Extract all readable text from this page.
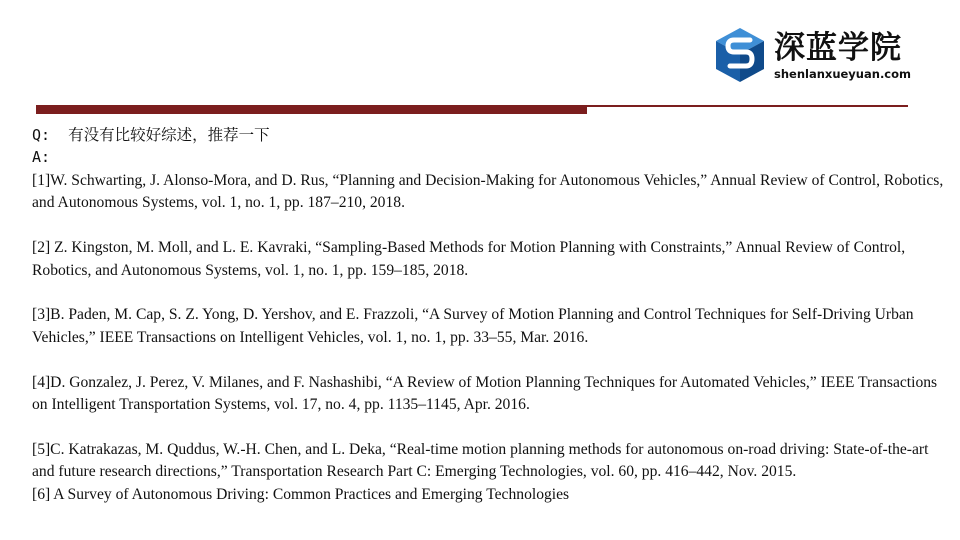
深蓝学院
shenlanxueyuan.com
Q: 有没有比较好综述，推荐一下
A:

[1]W. Schwarting, J. Alonso-Mora, and D. Rus, “Planning and Decision-Making for Autonomous Vehicles,” Annual Review of Control, Robotics, and Autonomous Systems, vol. 1, no. 1, pp. 187–210, 2018.

[2] Z. Kingston, M. Moll, and L. E. Kavraki, “Sampling-Based Methods for Motion Planning with Constraints,” Annual Review of Control, Robotics, and Autonomous Systems, vol. 1, no. 1, pp. 159–185, 2018.

[3]B. Paden, M. Cap, S. Z. Yong, D. Yershov, and E. Frazzoli, “A Survey of Motion Planning and Control Techniques for Self-Driving Urban Vehicles,” IEEE Transactions on Intelligent Vehicles, vol. 1, no. 1, pp. 33–55, Mar. 2016.

[4]D. Gonzalez, J. Perez, V. Milanes, and F. Nashashibi, “A Review of Motion Planning Techniques for Automated Vehicles,” IEEE Transactions on Intelligent Transportation Systems, vol. 17, no. 4, pp. 1135–1145, Apr. 2016.

[5]C. Katrakazas, M. Quddus, W.-H. Chen, and L. Deka, “Real-time motion planning methods for autonomous on-road driving: State-of-the-art and future research directions,” Transportation Research Part C: Emerging Technologies, vol. 60, pp. 416–442, Nov. 2015.

[6] A Survey of Autonomous Driving: Common Practices and Emerging Technologies
